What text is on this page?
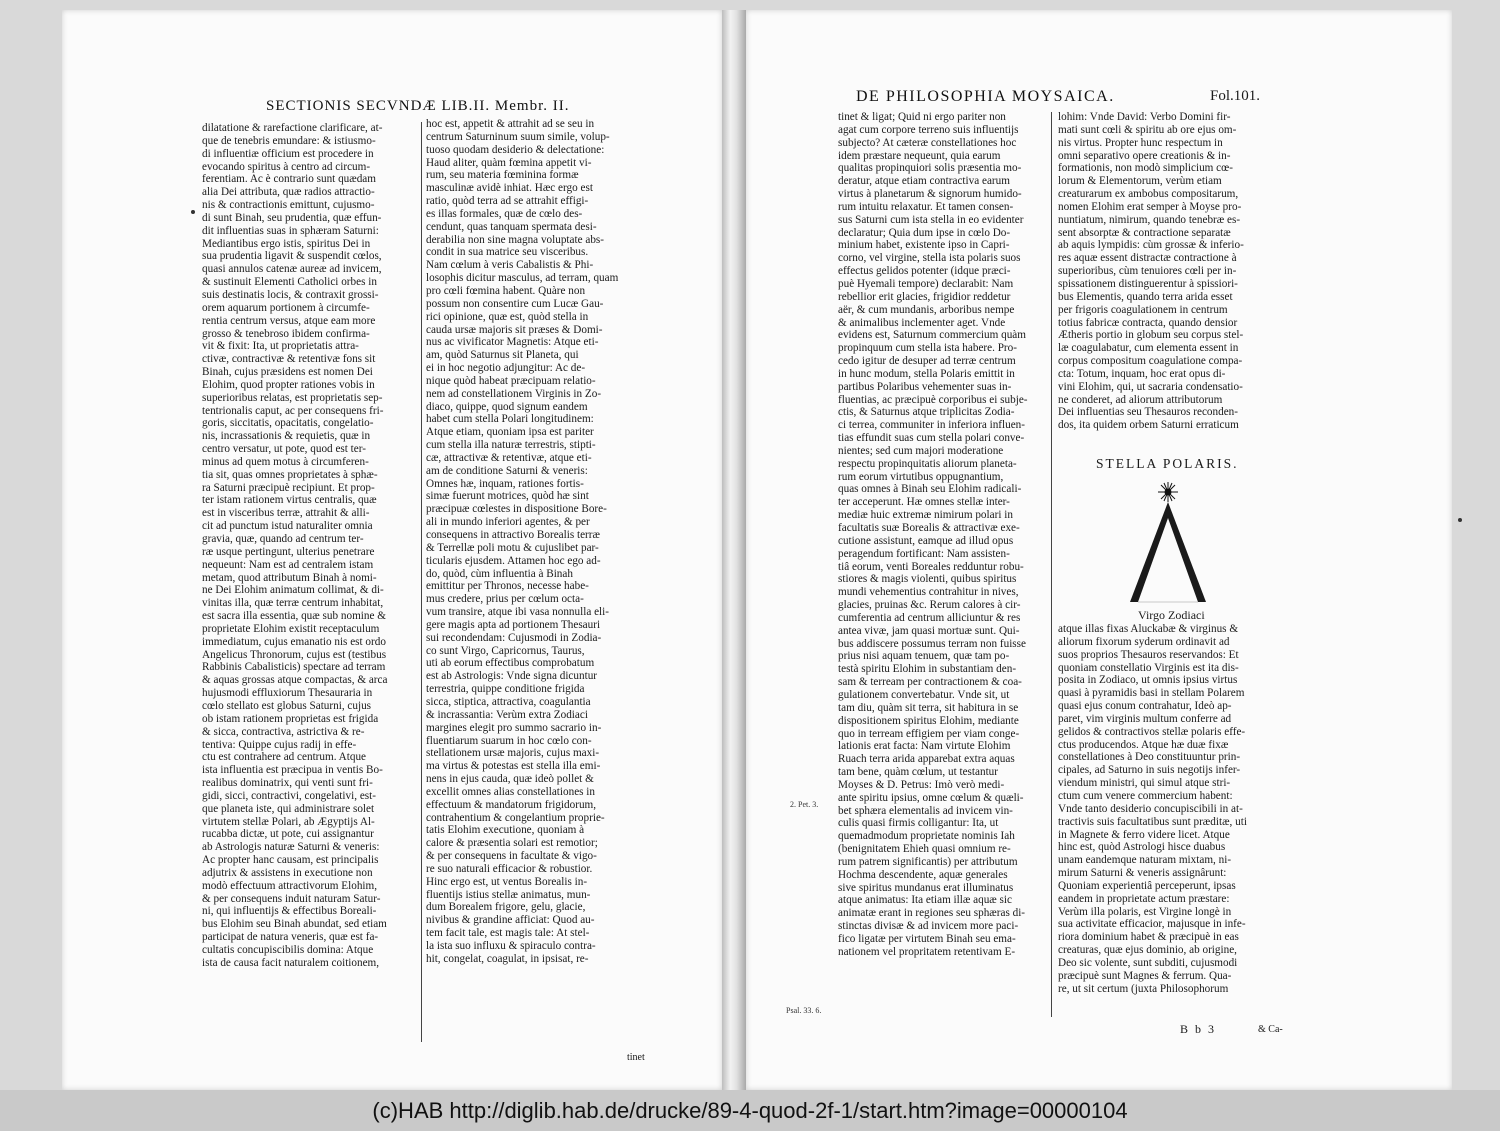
SECTIONIS SECVNDÆ LIB.II. Membr. II.
dilatatione & rarefactione clarificare, at-
que de tenebris emundare: & istiusmo-
di influentiæ officium est procedere in
evocando spiritus à centro ad circum-
ferentiam. Ac è contrario sunt quædam
alia Dei attributa, quæ radios attractio-
nis & contractionis emittunt, cujusmo-
di sunt Binah, seu prudentia, quæ effun-
dit influentias suas in sphæram Saturni:
Mediantibus ergo istis, spiritus Dei in
sua prudentia ligavit & suspendit cœlos,
quasi annulos catenæ aureæ ad invicem,
& sustinuit Elementi Catholici orbes in
suis destinatis locis, & contraxit grossi-
orem aquarum portionem à circumfe-
rentia centrum versus, atque eam more
grosso & tenebroso ibidem confirma-
vit & fixit: Ita, ut proprietatis attra-
ctivæ, contractivæ & retentivæ fons sit
Binah, cujus præsidens est nomen Dei
Elohim, quod propter rationes vobis in
superioribus relatas, est proprietatis sep-
tentrionalis caput, ac per consequens fri-
goris, siccitatis, opacitatis, congelatio-
nis, incrassationis & requietis, quæ in
centro versatur, ut pote, quod est ter-
minus ad quem motus à circumferen-
tia sit, quas omnes proprietates à sphæ-
ra Saturni præcipuè recipiunt. Et prop-
ter istam rationem virtus centralis, quæ
est in visceribus terræ, attrahit & alli-
cit ad punctum istud naturaliter omnia
gravia, quæ, quando ad centrum ter-
ræ usque pertingunt, ulterius penetrare
nequeunt: Nam est ad centralem istam
metam, quod attributum Binah à nomi-
ne Dei Elohim animatum collimat, & di-
vinitas illa, quæ terræ centrum inhabitat,
est sacra illa essentia, quæ sub nomine &
proprietate Elohim existit receptaculum
immediatum, cujus emanatio nis est ordo
Angelicus Thronorum, cujus est (testibus
Rabbinis Cabalisticis) spectare ad terram
& aquas grossas atque compactas, & arca
hujusmodi effluxiorum Thesauraria in
cœlo stellato est globus Saturni, cujus
ob istam rationem proprietas est frigida
& sicca, contractiva, astrictiva & re-
tentiva: Quippe cujus radij in effe-
ctu est contrahere ad centrum. Atque
ista influentia est præcipua in ventis Bo-
realibus dominatrix, qui venti sunt fri-
gidi, sicci, contractivi, congelativi, est-
que planeta iste, qui administrare solet
virtutem stellæ Polari, ab Ægyptijs Al-
rucabba dictæ, ut pote, cui assignantur
ab Astrologis naturæ Saturni & veneris:
Ac propter hanc causam, est principalis
adjutrix & assistens in executione non
modò effectuum attractivorum Elohim,
& per consequens induit naturam Satur-
ni, qui influentijs & effectibus Boreali-
bus Elohim seu Binah abundat, sed etiam
participat de natura veneris, quæ est fa-
cultatis concupiscibilis domina: Atque
ista de causa facit naturalem coitionem,
hoc est, appetit & attrahit ad se seu in
centrum Saturninum suum simile, volup-
tuoso quodam desiderio & delectatione:
Haud aliter, quàm fœmina appetit vi-
rum, seu materia fœminina formæ
masculinæ avidè inhiat. Hæc ergo est
ratio, quòd terra ad se attrahit effigi-
es illas formales, quæ de cœlo des-
cendunt, quas tanquam spermata desi-
derabilia non sine magna voluptate abs-
condit in sua matrice seu visceribus.
Nam cœlum à veris Cabalistis & Phi-
losophis dicitur masculus, ad terram, quam
pro cœli fœmina habent. Quàre non
possum non consentire cum Lucæ Gau-
rici opinione, quæ est, quòd stella in
cauda ursæ majoris sit præses & Domi-
nus ac vivificator Magnetis: Atque eti-
am, quòd Saturnus sit Planeta, qui
ei in hoc negotio adjungitur: Ac de-
nique quòd habeat præcipuam relatio-
nem ad constellationem Virginis in Zo-
diaco, quippe, quod signum eandem
habet cum stella Polari longitudinem:
Atque etiam, quoniam ipsa est pariter
cum stella illa naturæ terrestris, stipti-
cæ, attractivæ & retentivæ, atque eti-
am de conditione Saturni & veneris:
Omnes hæ, inquam, rationes fortis-
simæ fuerunt motrices, quòd hæ sint
præcipuæ cœlestes in dispositione Bore-
ali in mundo inferiori agentes, & per
consequens in attractivo Borealis terræ
& Terrellæ poli motu & cujuslibet par-
ticularis ejusdem. Attamen hoc ego ad-
do, quòd, cùm influentia à Binah
emittitur per Thronos, necesse habe-
mus credere, prius per cœlum octa-
vum transire, atque ibi vasa nonnulla eli-
gere magis apta ad portionem Thesauri
sui recondendam: Cujusmodi in Zodia-
co sunt Virgo, Capricornus, Taurus,
uti ab eorum effectibus comprobatum
est ab Astrologis: Vnde signa dicuntur
terrestria, quippe conditione frigida
sicca, stiptica, attractiva, coagulantia
& incrassantia: Verùm extra Zodiaci
margines elegit pro summo sacrario in-
fluentiarum suarum in hoc cœlo con-
stellationem ursæ majoris, cujus maxi-
ma virtus & potestas est stella illa emi-
nens in ejus cauda, quæ ideò pollet &
excellit omnes alias constellationes in
effectuum & mandatorum frigidorum,
contrahentium & congelantium proprie-
tatis Elohim executione, quoniam à
calore & præsentia solari est remotior;
& per consequens in facultate & vigo-
re suo naturali efficacior & robustior.
Hinc ergo est, ut ventus Borealis in-
fluentijs istius stellæ animatus, mun-
dum Borealem frigore, gelu, glacie,
nivibus & grandine afficiat: Quod au-
tem facit tale, est magis tale: At stel-
la ista suo influxu & spiraculo contra-
hit, congelat, coagulat, in ipsisat, re-
tinet
DE PHILOSOPHIA MOYSAICA.	Fol.101.
tinet & ligat; Quid ni ergo pariter non
agat cum corpore terreno suis influentijs
subjecto? At cæteræ constellationes hoc
idem præstare nequeunt, quia earum
qualitas propinquiori solis præsentia mo-
deratur, atque etiam contractiva earum
virtus à planetarum & signorum humido-
rum intuitu relaxatur. Et tamen consen-
sus Saturni cum ista stella in eo evidenter
declaratur; Quia dum ipse in cœlo Do-
minium habet, existente ipso in Capri-
corno, vel virgine, stella ista polaris suos
effectus gelidos potenter (idque præci-
puè Hyemali tempore) declarabit: Nam
rebellior erit glacies, frigidior reddetur
aër, & cum mundanis, arboribus nempe
& animalibus inclementer aget. Vnde
evidens est, Saturnum commercium quàm
propinquum cum stella ista habere. Pro-
cedo igitur de desuper ad terræ centrum
in hunc modum, stella Polaris emittit in
partibus Polaribus vehementer suas in-
fluentias, ac præcipuè corporibus ei subje-
ctis, & Saturnus atque triplicitas Zodia-
ci terrea, communiter in inferiora influen-
tias effundit suas cum stella polari conve-
nientes; sed cum majori moderatione
respectu propinquitatis aliorum planeta-
rum eorum virtutibus oppugnantium,
quas omnes à Binah seu Elohim radicali-
ter acceperunt. Hæ omnes stellæ inter-
mediæ huic extremæ nimirum polari in
facultatis suæ Borealis & attractivæ exe-
cutione assistunt, eamque ad illud opus
peragendum fortificant: Nam assisten-
tiâ eorum, venti Boreales redduntur robu-
stiores & magis violenti, quibus spiritus
mundi vehementius contrahitur in nives,
glacies, pruinas &c. Rerum calores à cir-
cumferentia ad centrum alliciuntur & res
antea vivæ, jam quasi mortuæ sunt. Qui-
bus addiscere possumus terram non fuisse
prius nisi aquam tenuem, quæ tam po-
testà spiritu Elohim in substantiam den-
sam & terream per contractionem & coa-
gulationem convertebatur. Vnde sit, ut
tam diu, quàm sit terra, sit habitura in se
dispositionem spiritus Elohim, mediante
quo in terream effigiem per viam conge-
lationis erat facta: Nam virtute Elohim
Ruach terra arida apparebat extra aquas
tam bene, quàm cœlum, ut testantur
Moyses & D. Petrus: Imò verò medi-
ante spiritu ipsius, omne cœlum & quæli-
bet sphæra elementalis ad invicem vin-
culis quasi firmis colligantur: Ita, ut
quemadmodum proprietate nominis Iah
(benignitatem Ehieh quasi omnium re-
rum patrem significantis) per attributum
Hochma descendente, aquæ generales
sive spiritus mundanus erat illuminatus
atque animatus: Ita etiam illæ aquæ sic
animatæ erant in regiones seu sphæras di-
stinctas divisæ & ad invicem more paci-
fico ligatæ per virtutem Binah seu ema-
nationem vel propritatem retentivam E-
lohim: Vnde David: Verbo Domini fir-
mati sunt cœli & spiritu ab ore ejus om-
nis virtus. Propter hunc respectum in
omni separativo opere creationis & in-
formationis, non modò simplicium cœ-
lorum & Elementorum, verùm etiam
creaturarum ex ambobus compositarum,
nomen Elohim erat semper à Moyse pro-
nuntiatum, nimirum, quando tenebræ es-
sent absorptæ & contractione separatæ
ab aquis lympidis: cùm grossæ & inferio-
res aquæ essent distractæ contractione à
superioribus, cùm tenuiores cœli per in-
spissationem distinguerentur à spissiori-
bus Elementis, quando terra arida esset
per frigoris coagulationem in centrum
totius fabricæ contracta, quando densior
Ætheris portio in globum seu corpus stel-
læ coagulabatur, cum elementa essent in
corpus compositum coagulatione compa-
cta: Totum, inquam, hoc erat opus di-
vini Elohim, qui, ut sacraria condensatio-
ne conderet, ad aliorum attributorum
Dei influentias seu Thesauros reconden-
dos, ita quidem orbem Saturni erraticum
STELLA POLARIS.
Virgo Zodiaci
atque illas fixas Aluckabæ & virginus &
aliorum fixorum syderum ordinavit ad
suos proprios Thesauros reservandos: Et
quoniam constellatio Virginis est ita dis-
posita in Zodiaco, ut omnis ipsius virtus
quasi à pyramidis basi in stellam Polarem
quasi ejus conum contrahatur, Ideò ap-
paret, vim virginis multum conferre ad
gelidos & contractivos stellæ polaris effe-
ctus producendos. Atque hæ duæ fixæ
constellationes à Deo constituuntur prin-
cipales, ad Saturno in suis negotijs infer-
viendum ministri, qui simul atque stri-
ctum cum venere commercium habent:
Vnde tanto desiderio concupiscibili in at-
tractivis suis facultatibus sunt præditæ, uti
in Magnete & ferro videre licet. Atque
hinc est, quòd Astrologi hisce duabus
unam eandemque naturam mixtam, ni-
mirum Saturni & veneris assignârunt:
Quoniam experientiâ perceperunt, ipsas
eandem in proprietate actum præstare:
Verùm illa polaris, est Virgine longè in
sua activitate efficacior, majusque in infe-
riora dominium habet & præcipuè in eas
creaturas, quæ ejus dominio, ab origine,
Deo sic volente, sunt subditi, cujusmodi
præcipuè sunt Magnes & ferrum. Qua-
re, ut sit certum (juxta Philosophorum
2. Pet. 3.
Psal. 33. 6.
B b 3	& Ca-
(c)HAB http://diglib.hab.de/drucke/89-4-quod-2f-1/start.htm?image=00000104
